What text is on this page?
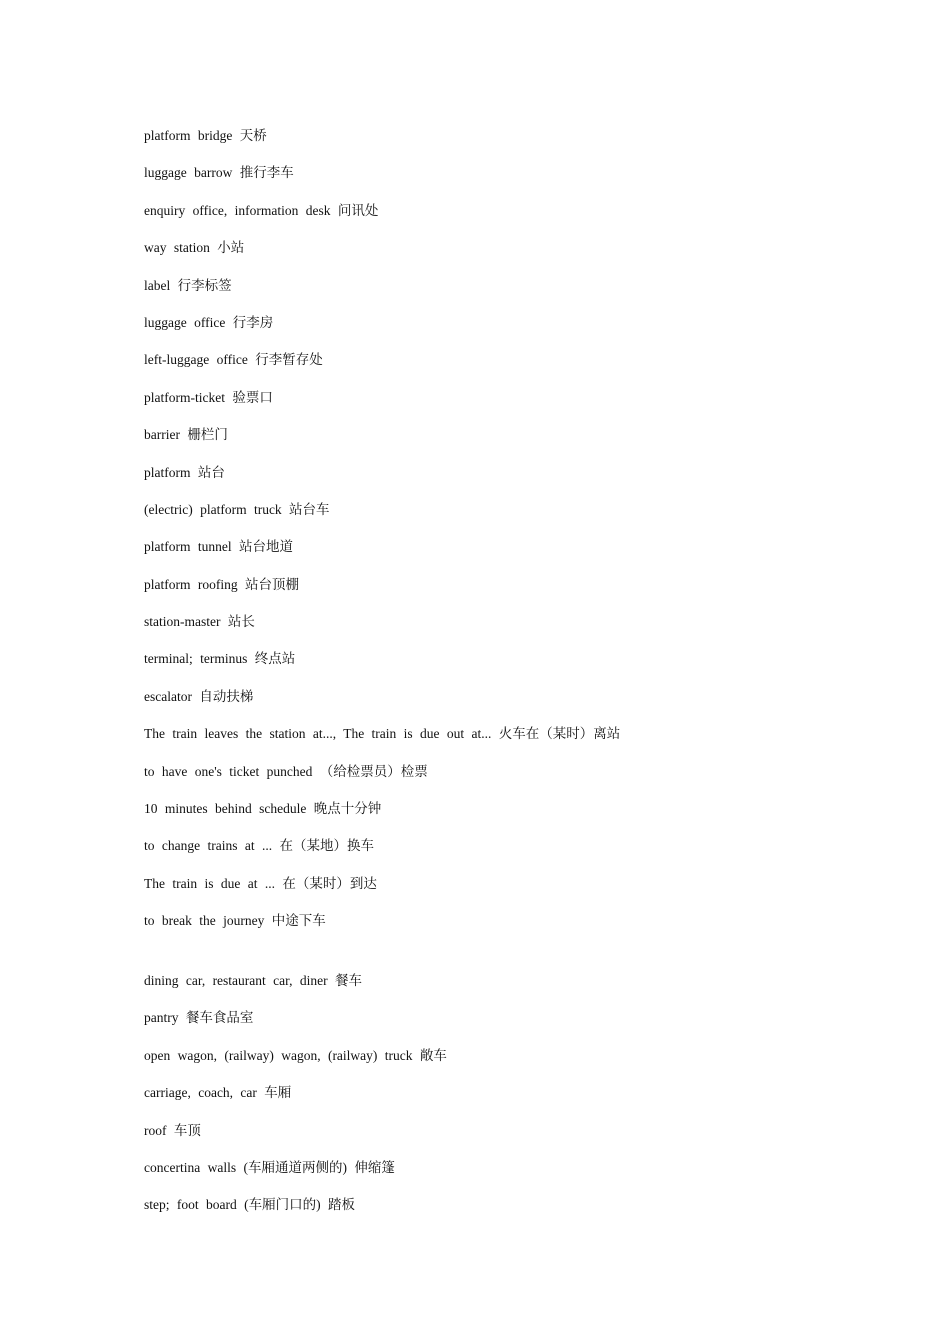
platform bridge 天桥
luggage barrow 推行李车
enquiry office, information desk 问讯处
way station 小站
label 行李标签
luggage office 行李房
left-luggage office 行李暂存处
platform-ticket 验票口
barrier 栅栏门
platform 站台
(electric) platform truck 站台车
platform tunnel 站台地道
platform roofing 站台顶棚
station-master 站长
terminal; terminus 终点站
escalator 自动扶梯
The train leaves the station at..., The train is due out at... 火车在（某时）离站
to have one's ticket punched （给检票员）检票
10 minutes behind schedule 晚点十分钟
to change trains at ... 在（某地）换车
The train is due at ... 在（某时）到达
to break the journey 中途下车
dining car, restaurant car, diner 餐车
pantry 餐车食品室
open wagon, (railway) wagon, (railway) truck 敞车
carriage, coach, car 车厢
roof 车顶
concertina walls (车厢通道两侧的) 伸缩篷
step; foot board (车厢门口的) 踏板
